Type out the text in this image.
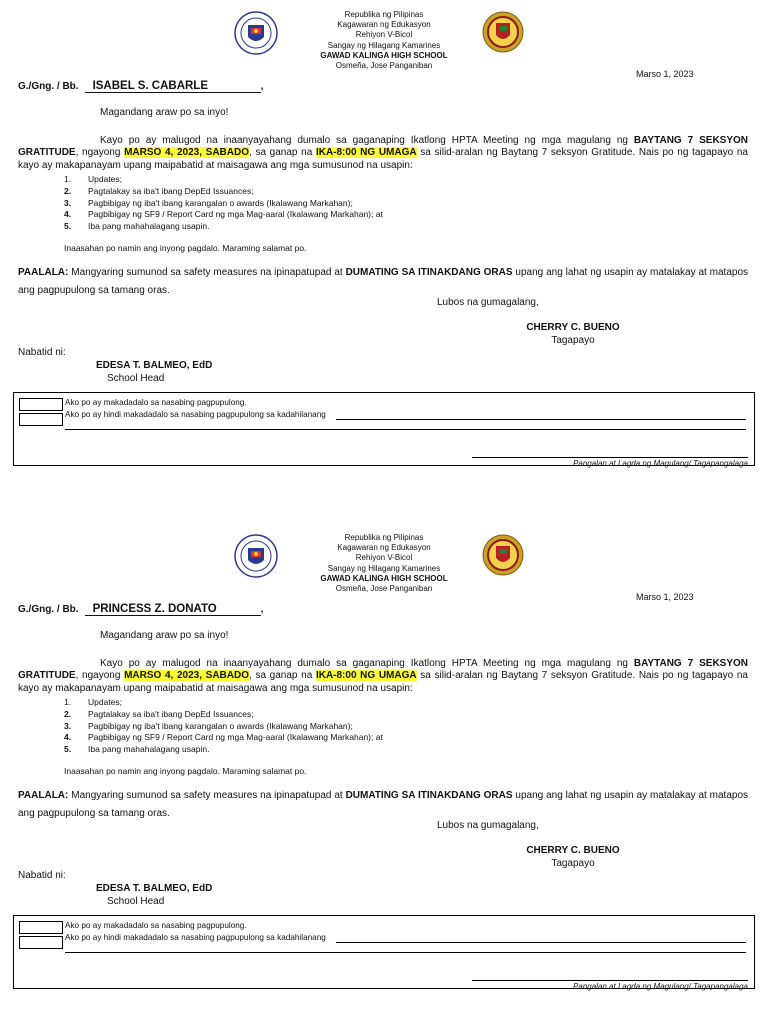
Republika ng Pilipinas
Kagawaran ng Edukasyon
Rehiyon V-Bicol
Sangay ng Hilagang Kamarines
GAWAD KALINGA HIGH SCHOOL
Osmeña, Jose Panganiban
Marso 1, 2023
G./Gng. / Bb. ISABEL S. CABARLE	,
Magandang araw po sa inyo!
Kayo po ay malugod na inaanyayahang dumalo sa gaganaping Ikatlong HPTA Meeting ng mga magulang ng BAYTANG 7 SEKSYON GRATITUDE, ngayong MARSO 4, 2023, SABADO, sa ganap na IKA-8:00 NG UMAGA sa silid-aralan ng Baytang 7 seksyon Gratitude. Nais po ng tagapayo na kayo ay makapanayam upang maipabatid at maisagawa ang mga sumusunod na usapin:
1. Updates;
2. Pagtalakay sa iba't ibang DepEd Issuances;
3. Pagbibigay ng iba't ibang karangalan o awards (Ikalawang Markahan);
4. Pagbibigay ng SF9 / Report Card ng mga Mag-aaral (Ikalawang Markahan); at
5. Iba pang mahahalagang usapin.
Inaasahan po namin ang inyong pagdalo. Maraming salamat po.
PAALALA: Mangyaring sumunod sa safety measures na ipinapatupad at DUMATING SA ITINAKDANG ORAS upang ang lahat ng usapin ay matalakay at matapos ang pagpupulong sa tamang oras.
Lubos na gumagalang,
CHERRY C. BUENO
Tagapayo
Nabatid ni:
EDESA T. BALMEO, EdD
School Head
Ako po ay makadadalo sa nasabing pagpupulong.
Ako po ay hindi makadadalo sa nasabing pagpupulong sa kadahilanang
Pangalan at Lagda ng Magulang/ Tagapangalaga
Republika ng Pilipinas
Kagawaran ng Edukasyon
Rehiyon V-Bicol
Sangay ng Hilagang Kamarines
GAWAD KALINGA HIGH SCHOOL
Osmeña, Jose Panganiban
Marso 1, 2023
G./Gng. / Bb. PRINCESS Z. DONATO	,
Magandang araw po sa inyo!
Kayo po ay malugod na inaanyayahang dumalo sa gaganaping Ikatlong HPTA Meeting ng mga magulang ng BAYTANG 7 SEKSYON GRATITUDE, ngayong MARSO 4, 2023, SABADO, sa ganap na IKA-8:00 NG UMAGA sa silid-aralan ng Baytang 7 seksyon Gratitude. Nais po ng tagapayo na kayo ay makapanayam upang maipabatid at maisagawa ang mga sumusunod na usapin:
1. Updates;
2. Pagtalakay sa iba't ibang DepEd Issuances;
3. Pagbibigay ng iba't ibang karangalan o awards (Ikalawang Markahan);
4. Pagbibigay ng SF9 / Report Card ng mga Mag-aaral (Ikalawang Markahan); at
5. Iba pang mahahalagang usapin.
Inaasahan po namin ang inyong pagdalo. Maraming salamat po.
PAALALA: Mangyaring sumunod sa safety measures na ipinapatupad at DUMATING SA ITINAKDANG ORAS upang ang lahat ng usapin ay matalakay at matapos ang pagpupulong sa tamang oras.
Lubos na gumagalang,
CHERRY C. BUENO
Tagapayo
Nabatid ni:
EDESA T. BALMEO, EdD
School Head
Ako po ay makadadalo sa nasabing pagpupulong.
Ako po ay hindi makadadalo sa nasabing pagpupulong sa kadahilanang
Pangalan at Lagda ng Magulang/ Tagapangalaga
